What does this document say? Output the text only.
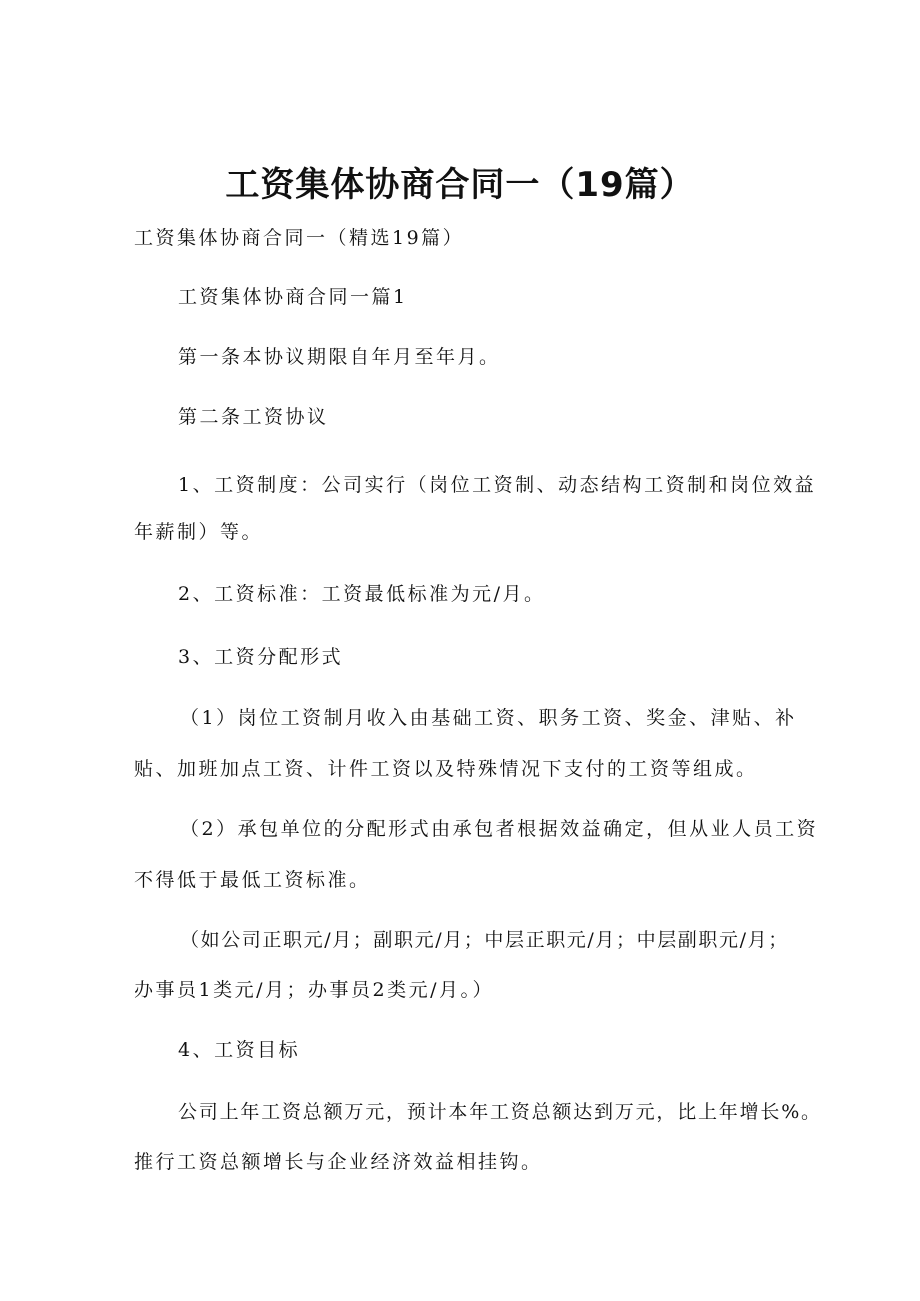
工资集体协商合同一（19篇）
工资集体协商合同一（精选19篇）
工资集体协商合同一篇1
第一条本协议期限自年月至年月。
第二条工资协议
1、工资制度：公司实行（岗位工资制、动态结构工资制和岗位效益
年薪制）等。
2、工资标准：工资最低标准为元/月。
3、工资分配形式
（1）岗位工资制月收入由基础工资、职务工资、奖金、津贴、补
贴、加班加点工资、计件工资以及特殊情况下支付的工资等组成。
（2）承包单位的分配形式由承包者根据效益确定，但从业人员工资
不得低于最低工资标准。
（如公司正职元/月；副职元/月；中层正职元/月；中层副职元/月；
办事员1类元/月；办事员2类元/月。）
4、工资目标
公司上年工资总额万元，预计本年工资总额达到万元，比上年增长%。
推行工资总额增长与企业经济效益相挂钩。
